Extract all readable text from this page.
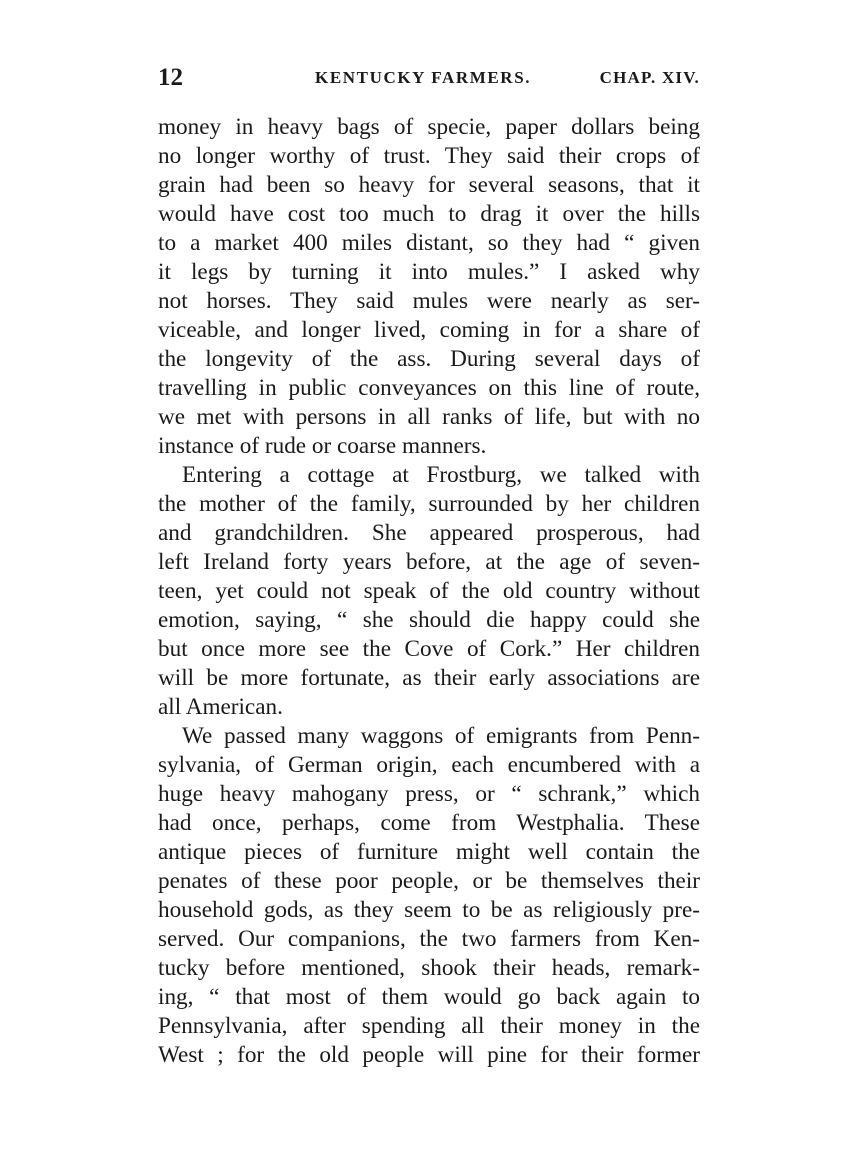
12	KENTUCKY FARMERS.	CHAP. XIV.
money in heavy bags of specie, paper dollars being
no longer worthy of trust. They said their crops of
grain had been so heavy for several seasons, that it
would have cost too much to drag it over the hills
to a market 400 miles distant, so they had “ given
it legs by turning it into mules.” I asked why
not horses. They said mules were nearly as ser-
viceable, and longer lived, coming in for a share of
the longevity of the ass. During several days of
travelling in public conveyances on this line of route,
we met with persons in all ranks of life, but with no
instance of rude or coarse manners.
Entering a cottage at Frostburg, we talked with
the mother of the family, surrounded by her children
and grandchildren. She appeared prosperous, had
left Ireland forty years before, at the age of seven-
teen, yet could not speak of the old country without
emotion, saying, “ she should die happy could she
but once more see the Cove of Cork.” Her children
will be more fortunate, as their early associations are
all American.
We passed many waggons of emigrants from Penn-
sylvania, of German origin, each encumbered with a
huge heavy mahogany press, or “ schrank,” which
had once, perhaps, come from Westphalia. These
antique pieces of furniture might well contain the
penates of these poor people, or be themselves their
household gods, as they seem to be as religiously pre-
served. Our companions, the two farmers from Ken-
tucky before mentioned, shook their heads, remark-
ing, “ that most of them would go back again to
Pennsylvania, after spending all their money in the
West ; for the old people will pine for their former
